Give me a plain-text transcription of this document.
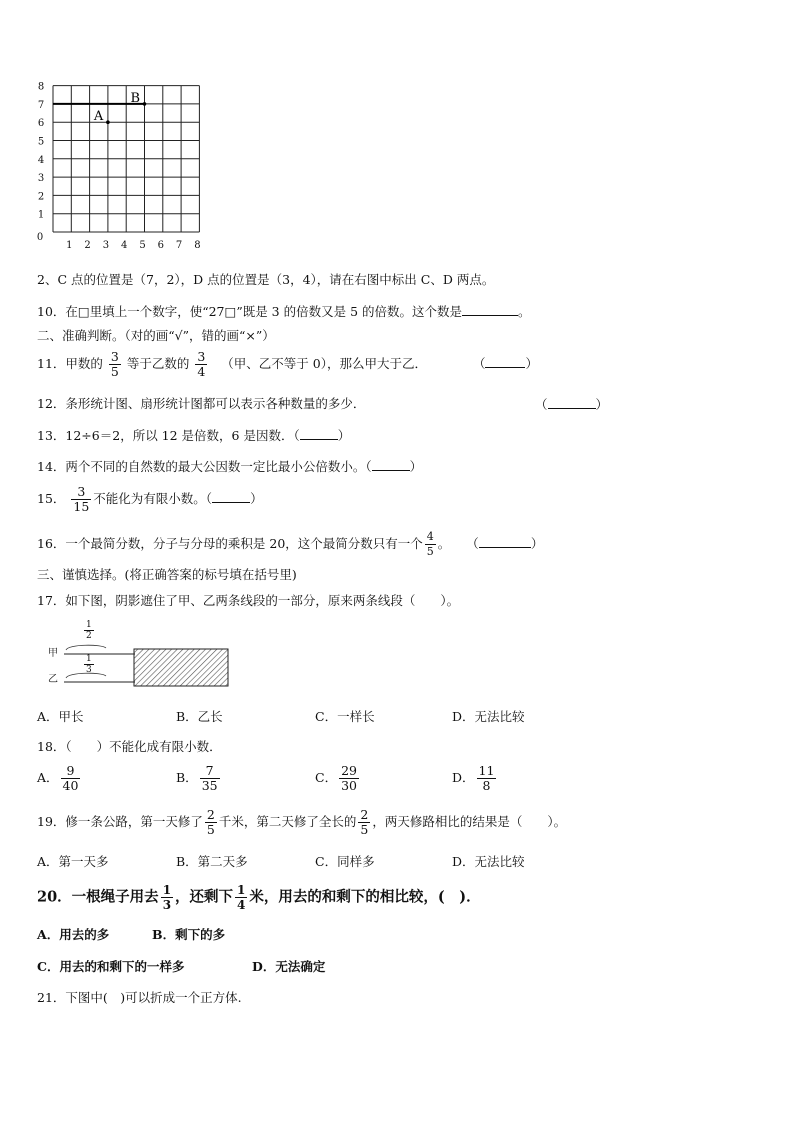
0
1
2
3
4
5
6
7
8
1 2 3 4 5 6 7 8
A
B
2、C 点的位置是（7，2），D 点的位置是（3，4），请在右图中标出 C、D 两点。
10．在□里填上一个数字，使“27□”既是 3 的倍数又是 5 的倍数。这个数是	。
二、准确判断。（对的画“√”，错的画“×”）
11．甲数的 $\frac{3}{5}$ 等于乙数的 $\frac{3}{4}$ （甲、乙不等于 0），那么甲大于乙．	（	）
12．条形统计图、扇形统计图都可以表示各种数量的多少．	（	）
13．12÷6＝2，所以 12 是倍数，6 是因数．（	）
14．两个不同的自然数的最大公因数一定比最小公倍数小。（	）
15． $\frac{3}{15}$ 不能化为有限小数。（	）
16．一个最简分数，分子与分母的乘积是 20，这个最简分数只有一个 $\frac{4}{5}$ 。 （	）
三、谨慎选择。(将正确答案的标号填在括号里)
17．如下图，阴影遮住了甲、乙两条线段的一部分，原来两条线段（　　）。
甲
乙
$\frac{1}{2}$
$\frac{1}{3}$
A．甲长	B．乙长	C．一样长	D．无法比较
18．（　　）不能化成有限小数．
A． $\frac{9}{40}$	B． $\frac{7}{35}$	C． $\frac{29}{30}$	D． $\frac{11}{8}$
19．修一条公路，第一天修了 $\frac{2}{5}$ 千米，第二天修了全长的 $\frac{2}{5}$ ，两天修路相比的结果是（　　）。
A．第一天多	B．第二天多	C．同样多	D．无法比较
20．一根绳子用去 $\frac{1}{3}$ ，还剩下 $\frac{1}{4}$ 米，用去的和剩下的相比较，(　)．
A．用去的多	B．剩下的多
C．用去的和剩下的一样多	D．无法确定
21．下图中(　)可以折成一个正方体.
